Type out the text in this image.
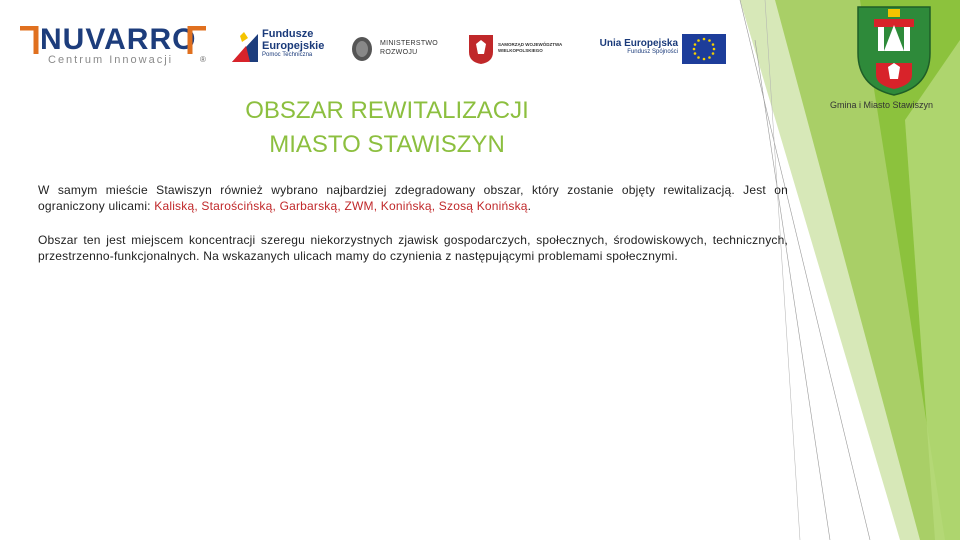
NUVARRO
Centrum Innowacji	®
Fundusze
Europejskie
Pomoc Techniczna
MINISTERSTWO
ROZWOJU
SAMORZĄD WOJEWÓDZTWA
WIELKOPOLSKIEGO
Unia Europejska
Fundusz Spójności
Gmina i Miasto Stawiszyn
OBSZAR REWITALIZACJI
MIASTO STAWISZYN
W samym mieście Stawiszyn również wybrano najbardziej zdegradowany obszar, który zostanie objęty rewitalizacją. Jest on ograniczony ulicami: Kaliską, Starościńską, Garbarską, ZWM, Konińską, Szosą Konińską.
Obszar ten jest miejscem koncentracji szeregu niekorzystnych zjawisk gospodarczych, społecznych, środowiskowych, technicznych, przestrzenno-funkcjonalnych. Na wskazanych ulicach mamy do czynienia z następującymi problemami społecznymi.
